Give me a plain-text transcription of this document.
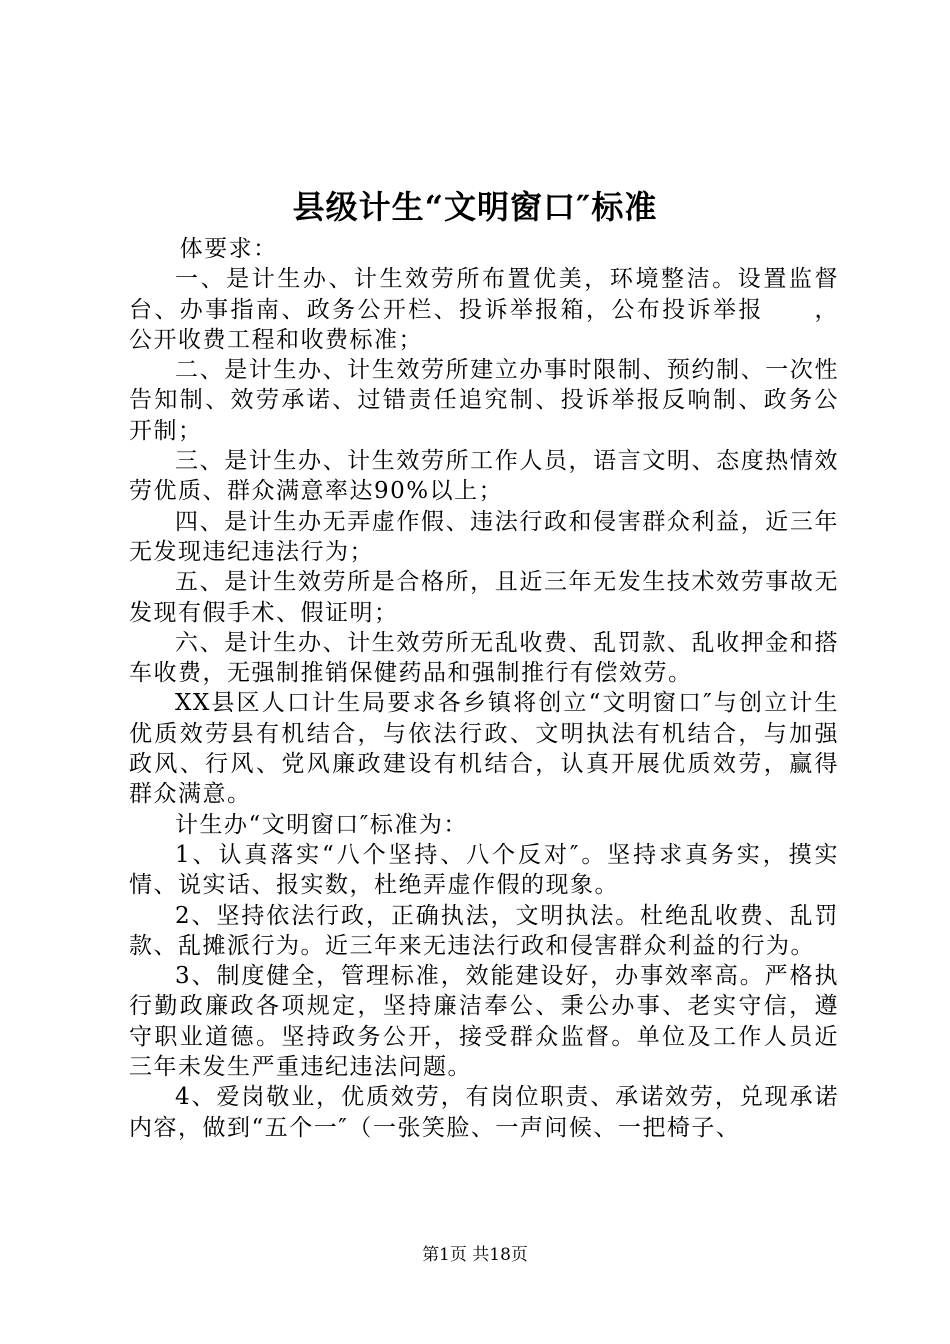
县级计生“文明窗口″标准

体要求：

一、是计生办、计生效劳所布置优美，环境整洁。设置监督台、办事指南、政务公开栏、投诉举报箱，公布投诉举报　　，公开收费工程和收费标准；

二、是计生办、计生效劳所建立办事时限制、预约制、一次性告知制、效劳承诺、过错责任追究制、投诉举报反响制、政务公开制；

三、是计生办、计生效劳所工作人员，语言文明、态度热情效劳优质、群众满意率达90%以上；

四、是计生办无弄虚作假、违法行政和侵害群众利益，近三年无发现违纪违法行为；

五、是计生效劳所是合格所，且近三年无发生技术效劳事故无发现有假手术、假证明；

六、是计生办、计生效劳所无乱收费、乱罚款、乱收押金和搭车收费，无强制推销保健药品和强制推行有偿效劳。

XX县区人口计生局要求各乡镇将创立“文明窗口″与创立计生优质效劳县有机结合，与依法行政、文明执法有机结合，与加强政风、行风、党风廉政建设有机结合，认真开展优质效劳，赢得群众满意。

计生办“文明窗口″标准为：

1、认真落实“八个坚持、八个反对″。坚持求真务实，摸实情、说实话、报实数，杜绝弄虚作假的现象。

2、坚持依法行政，正确执法，文明执法。杜绝乱收费、乱罚款、乱摊派行为。近三年来无违法行政和侵害群众利益的行为。

3、制度健全，管理标准，效能建设好，办事效率高。严格执行勤政廉政各项规定，坚持廉洁奉公、秉公办事、老实守信，遵守职业道德。坚持政务公开，接受群众监督。单位及工作人员近三年未发生严重违纪违法问题。

4、爱岗敬业，优质效劳，有岗位职责、承诺效劳，兑现承诺内容，做到“五个一″（一张笑脸、一声问候、一把椅子、

第1页 共18页
